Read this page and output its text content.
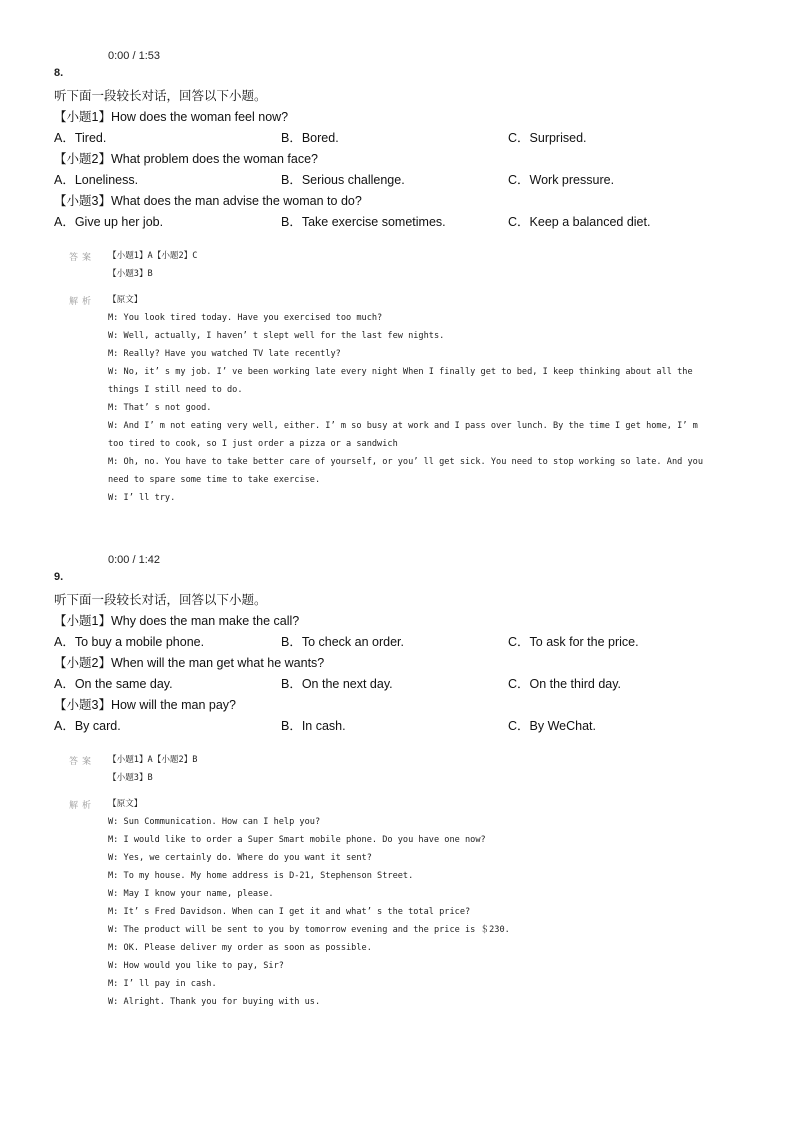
0:00 / 1:53
8.
听下面一段较长对话，回答以下小题。
【小题1】How does the woman feel now?
A．Tired.	B．Bored.	C．Surprised.
【小题2】What problem does the woman face?
A．Loneliness.	B．Serious challenge.	C．Work pressure.
【小题3】What does the man advise the woman to do?
A．Give up her job.	B．Take exercise sometimes.	C．Keep a balanced diet.
答案 【小题1】A【小题2】C
【小题3】B
解析 【原文】
M: You look tired today. Have you exercised too much?
W: Well, actually, I haven’ t slept well for the last few nights.
M: Really? Have you watched TV late recently?
W: No, it’ s my job. I’ ve been working late every night When I finally get to bed, I keep thinking about all the things I still need to do.
M: That’ s not good.
W: And I’ m not eating very well, either. I’ m so busy at work and I pass over lunch. By the time I get home, I’ m too tired to cook, so I just order a pizza or a sandwich
M: Oh, no. You have to take better care of yourself, or you’ ll get sick. You need to stop working so late. And you need to spare some time to take exercise.
W: I’ ll try.
0:00 / 1:42
9.
听下面一段较长对话，回答以下小题。
【小题1】Why does the man make the call?
A．To buy a mobile phone.	B．To check an order.	C．To ask for the price.
【小题2】When will the man get what he wants?
A．On the same day.	B．On the next day.	C．On the third day.
【小题3】How will the man pay?
A．By card.	B．In cash.	C．By WeChat.
答案 【小题1】A【小题2】B
【小题3】B
解析 【原文】
W: Sun Communication. How can I help you?
M: I would like to order a Super Smart mobile phone. Do you have one now?
W: Yes, we certainly do. Where do you want it sent?
M: To my house. My home address is D-21, Stephenson Street.
W: May I know your name, please.
M: It’ s Fred Davidson. When can I get it and what’ s the total price?
W: The product will be sent to you by tomorrow evening and the price is ＄230.
M: OK. Please deliver my order as soon as possible.
W: How would you like to pay, Sir?
M: I’ ll pay in cash.
W: Alright. Thank you for buying with us.
